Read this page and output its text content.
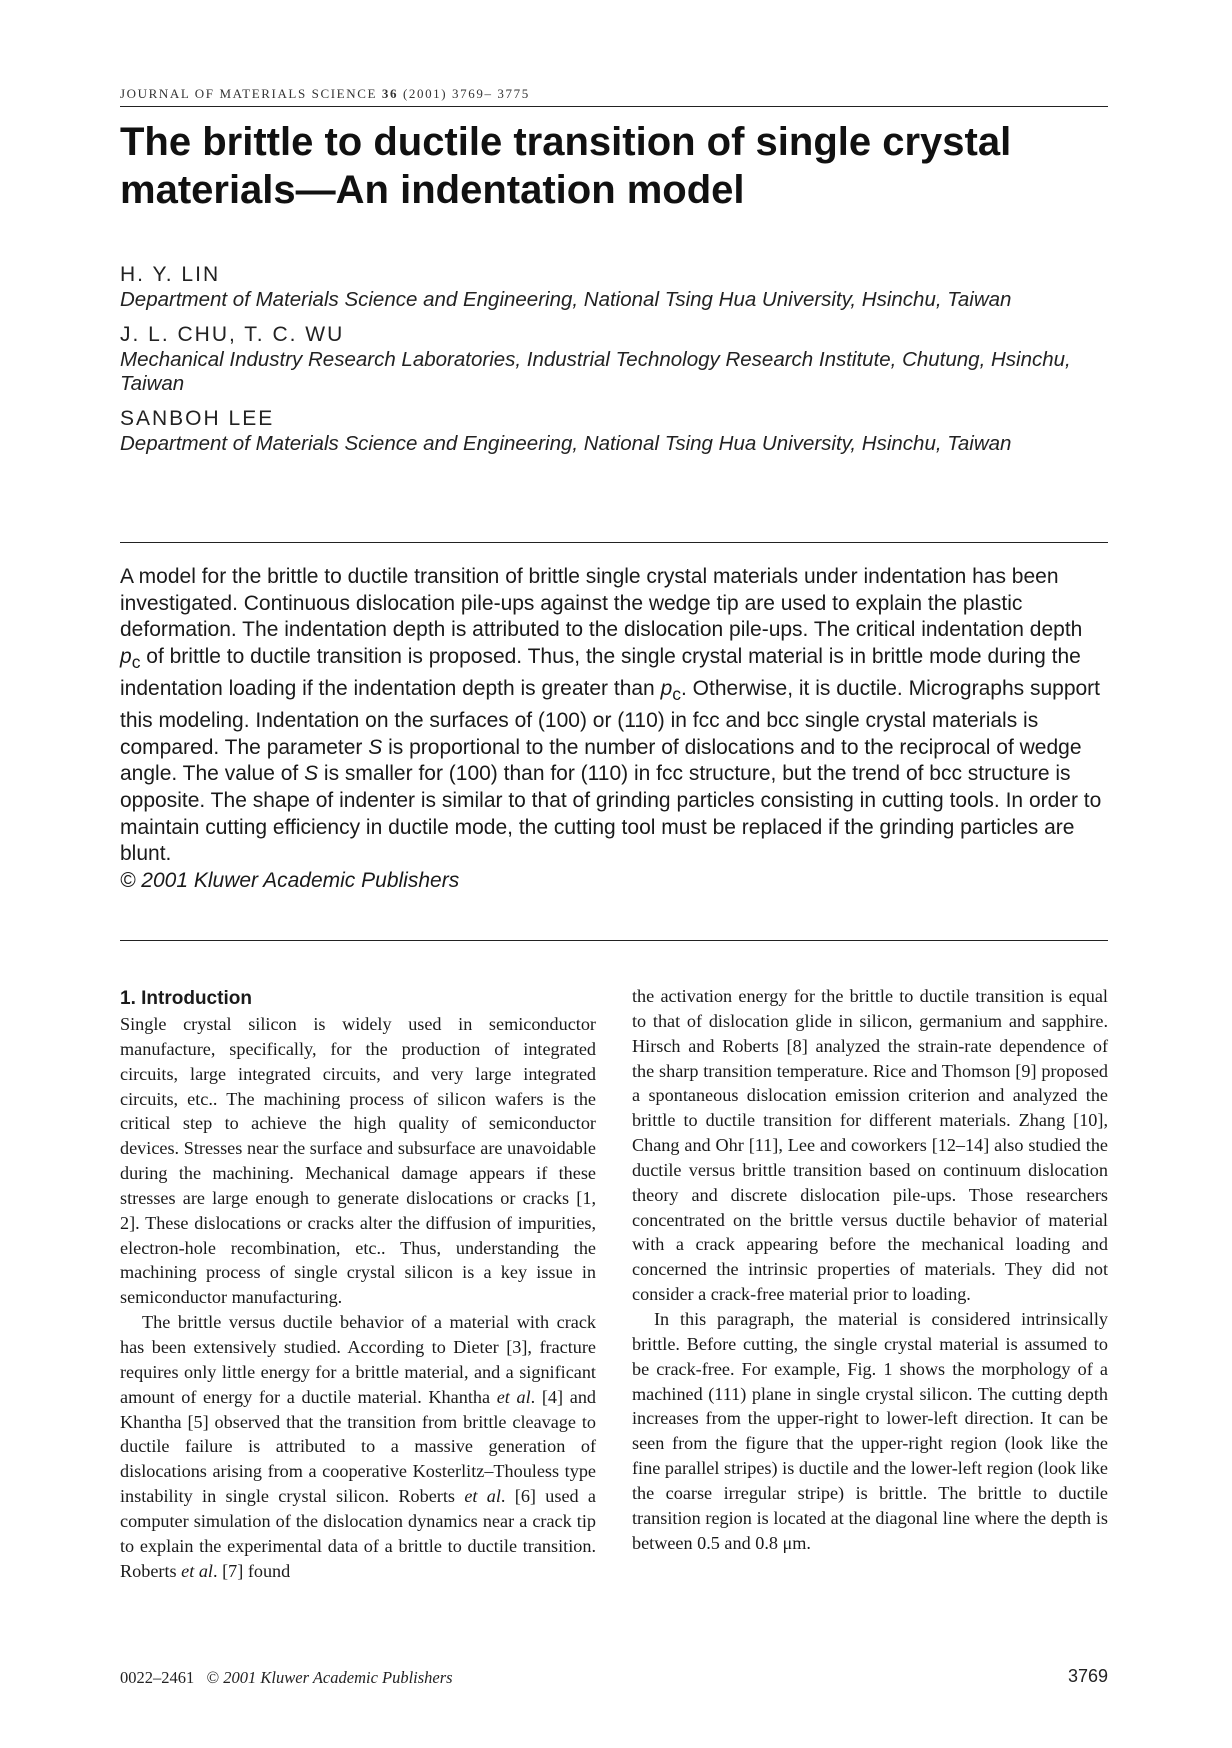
JOURNAL OF MATERIALS SCIENCE 36 (2001) 3769– 3775
The brittle to ductile transition of single crystal materials—An indentation model
H. Y. LIN
Department of Materials Science and Engineering, National Tsing Hua University, Hsinchu, Taiwan
J. L. CHU, T. C. WU
Mechanical Industry Research Laboratories, Industrial Technology Research Institute, Chutung, Hsinchu, Taiwan
SANBOH LEE
Department of Materials Science and Engineering, National Tsing Hua University, Hsinchu, Taiwan

A model for the brittle to ductile transition of brittle single crystal materials under indentation has been investigated. Continuous dislocation pile-ups against the wedge tip are used to explain the plastic deformation. The indentation depth is attributed to the dislocation pile-ups. The critical indentation depth $p_c$ of brittle to ductile transition is proposed. Thus, the single crystal material is in brittle mode during the indentation loading if the indentation depth is greater than $p_c$. Otherwise, it is ductile. Micrographs support this modeling. Indentation on the surfaces of (100) or (110) in fcc and bcc single crystal materials is compared. The parameter S is proportional to the number of dislocations and to the reciprocal of wedge angle. The value of S is smaller for (100) than for (110) in fcc structure, but the trend of bcc structure is opposite. The shape of indenter is similar to that of grinding particles consisting in cutting tools. In order to maintain cutting efficiency in ductile mode, the cutting tool must be replaced if the grinding particles are blunt.
© 2001 Kluwer Academic Publishers

1. Introduction

Single crystal silicon is widely used in semiconductor manufacture, specifically, for the production of integrated circuits, large integrated circuits, and very large integrated circuits, etc.. The machining process of silicon wafers is the critical step to achieve the high quality of semiconductor devices. Stresses near the surface and subsurface are unavoidable during the machining. Mechanical damage appears if these stresses are large enough to generate dislocations or cracks [1, 2]. These dislocations or cracks alter the diffusion of impurities, electron-hole recombination, etc.. Thus, understanding the machining process of single crystal silicon is a key issue in semiconductor manufacturing.

The brittle versus ductile behavior of a material with crack has been extensively studied. According to Dieter [3], fracture requires only little energy for a brittle material, and a significant amount of energy for a ductile material. Khantha et al. [4] and Khantha [5] observed that the transition from brittle cleavage to ductile failure is attributed to a massive generation of dislocations arising from a cooperative Kosterlitz–Thouless type instability in single crystal silicon. Roberts et al. [6] used a computer simulation of the dislocation dynamics near a crack tip to explain the experimental data of a brittle to ductile transition. Roberts et al. [7] found

the activation energy for the brittle to ductile transition is equal to that of dislocation glide in silicon, germanium and sapphire. Hirsch and Roberts [8] analyzed the strain-rate dependence of the sharp transition temperature. Rice and Thomson [9] proposed a spontaneous dislocation emission criterion and analyzed the brittle to ductile transition for different materials. Zhang [10], Chang and Ohr [11], Lee and coworkers [12–14] also studied the ductile versus brittle transition based on continuum dislocation theory and discrete dislocation pile-ups. Those researchers concentrated on the brittle versus ductile behavior of material with a crack appearing before the mechanical loading and concerned the intrinsic properties of materials. They did not consider a crack-free material prior to loading.

In this paragraph, the material is considered intrinsically brittle. Before cutting, the single crystal material is assumed to be crack-free. For example, Fig. 1 shows the morphology of a machined (111) plane in single crystal silicon. The cutting depth increases from the upper-right to lower-left direction. It can be seen from the figure that the upper-right region (look like the fine parallel stripes) is ductile and the lower-left region (look like the coarse irregular stripe) is brittle. The brittle to ductile transition region is located at the diagonal line where the depth is between 0.5 and 0.8 μm.

0022–2461 © 2001 Kluwer Academic Publishers	3769
